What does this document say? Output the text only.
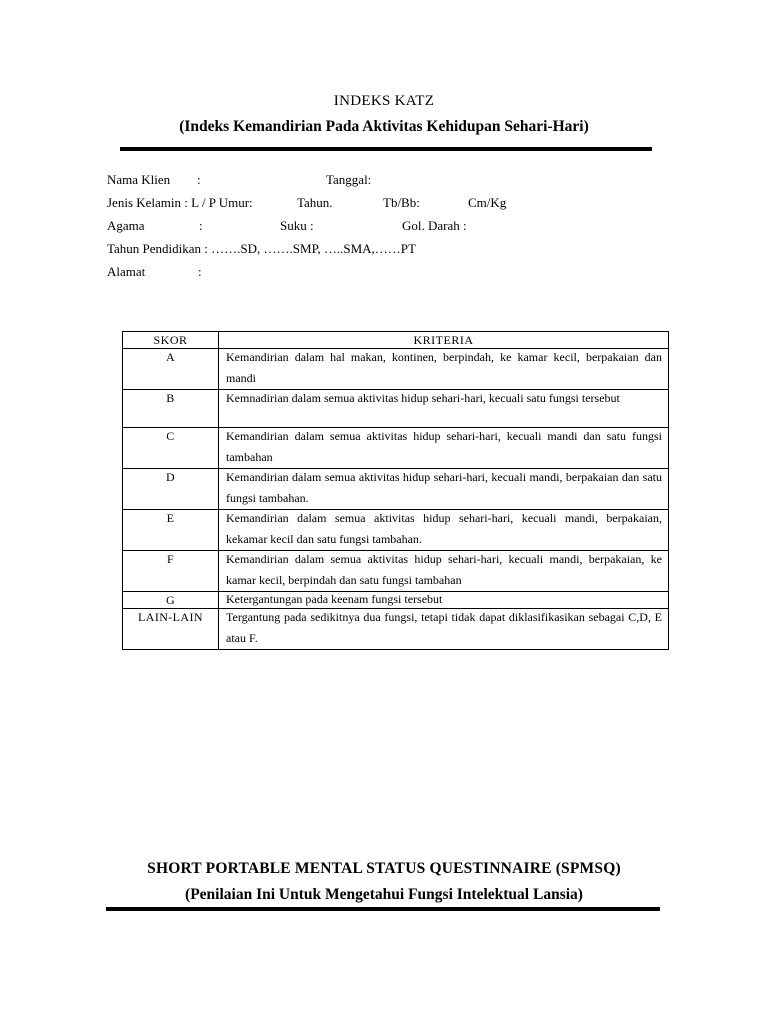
INDEKS KATZ
(Indeks Kemandirian Pada Aktivitas Kehidupan Sehari-Hari)
Nama Klien :	Tanggal:
Jenis Kelamin : L / P Umur:	Tahun.	Tb/Bb:	Cm/Kg
Agama	:	Suku :	Gol. Darah :
Tahun Pendidikan : …….SD, …….SMP, …..SMA,……PT
Alamat	:
SKOR	KRITERIA
A	Kemandirian dalam hal makan, kontinen, berpindah, ke kamar kecil, berpakaian dan mandi

B	Kemnadirian dalam semua aktivitas hidup sehari-hari, kecuali satu fungsi tersebut

C	Kemandirian dalam semua aktivitas hidup sehari-hari, kecuali mandi dan satu fungsi tambahan

D	Kemandirian dalam semua aktivitas hidup sehari-hari, kecuali mandi, berpakaian dan satu fungsi tambahan.

E	Kemandirian dalam semua aktivitas hidup sehari-hari, kecuali mandi, berpakaian, kekamar kecil dan satu fungsi tambahan.

F	Kemandirian dalam semua aktivitas hidup sehari-hari, kecuali mandi, berpakaian, ke kamar kecil, berpindah dan satu fungsi tambahan

G	Ketergantungan pada keenam fungsi tersebut

LAIN-LAIN	Tergantung pada sedikitnya dua fungsi, tetapi tidak dapat diklasifikasikan sebagai C,D, E atau F.
SHORT PORTABLE MENTAL STATUS QUESTINNAIRE (SPMSQ)
(Penilaian Ini Untuk Mengetahui Fungsi Intelektual Lansia)
